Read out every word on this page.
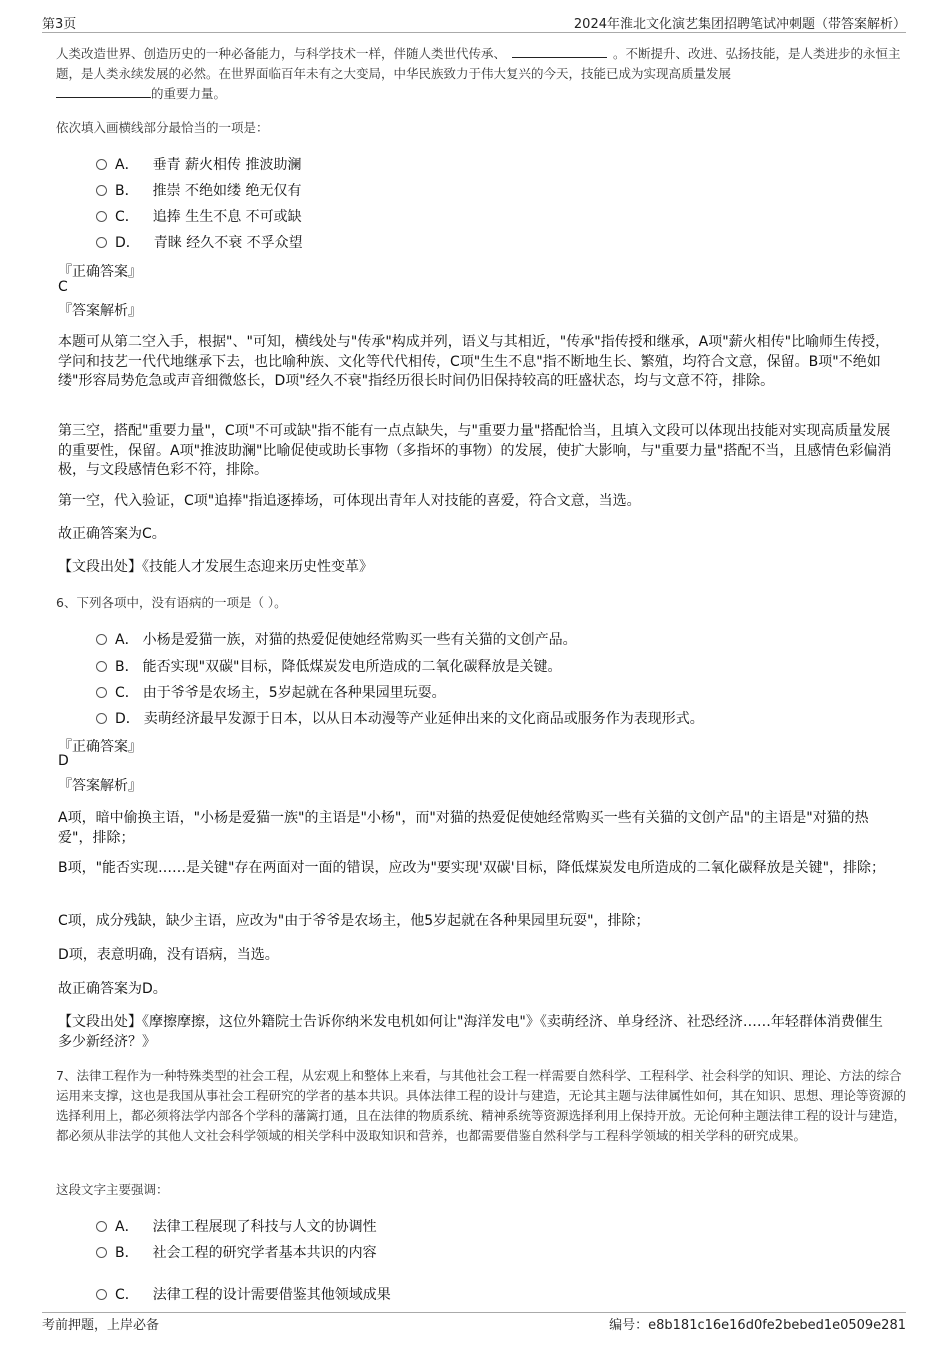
第3页	2024年淮北文化演艺集团招聘笔试冲刺题（带答案解析）
人类改造世界、创造历史的一种必备能力，与科学技术一样，伴随人类世代传承、	。不断提升、改进、弘扬技能，是人类进步的永恒主题，是人类永续发展的必然。在世界面临百年未有之大变局，中华民族致力于伟大复兴的今天，技能已成为实现高质量发展
的重要力量。
依次填入画横线部分最恰当的一项是：
A． 垂青 薪火相传 推波助澜
B． 推崇 不绝如缕 绝无仅有
C． 追捧 生生不息 不可或缺
D． 青睐 经久不衰 不孚众望
『正确答案』
C
『答案解析』
本题可从第二空入手，根据"、"可知，横线处与"传承"构成并列，语义与其相近，"传承"指传授和继承，A项"薪火相传"比喻师生传授，学问和技艺一代代地继承下去，也比喻种族、文化等代代相传，C项"生生不息"指不断地生长、繁殖，均符合文意，保留。B项"不绝如缕"形容局势危急或声音细微悠长，D项"经久不衰"指经历很长时间仍旧保持较高的旺盛状态，均与文意不符，排除。
第三空，搭配"重要力量"，C项"不可或缺"指不能有一点点缺失，与"重要力量"搭配恰当，且填入文段可以体现出技能对实现高质量发展的重要性，保留。A项"推波助澜"比喻促使或助长事物（多指坏的事物）的发展，使扩大影响，与"重要力量"搭配不当，且感情色彩偏消极，与文段感情色彩不符，排除。
第一空，代入验证，C项"追捧"指追逐捧场，可体现出青年人对技能的喜爱，符合文意，当选。
故正确答案为C。
【文段出处】《技能人才发展生态迎来历史性变革》
6、下列各项中，没有语病的一项是（ ）。
A． 小杨是爱猫一族，对猫的热爱促使她经常购买一些有关猫的文创产品。
B． 能否实现"双碳"目标，降低煤炭发电所造成的二氧化碳释放是关键。
C． 由于爷爷是农场主，5岁起就在各种果园里玩耍。
D． 卖萌经济最早发源于日本，以从日本动漫等产业延伸出来的文化商品或服务作为表现形式。
『正确答案』
D
『答案解析』
A项，暗中偷换主语，"小杨是爱猫一族"的主语是"小杨"，而"对猫的热爱促使她经常购买一些有关猫的文创产品"的主语是"对猫的热爱"，排除；
B项，"能否实现……是关键"存在两面对一面的错误，应改为"要实现'双碳'目标，降低煤炭发电所造成的二氧化碳释放是关键"，排除；
C项，成分残缺，缺少主语，应改为"由于爷爷是农场主，他5岁起就在各种果园里玩耍"，排除；
D项，表意明确，没有语病，当选。
故正确答案为D。
【文段出处】《摩擦摩擦，这位外籍院士告诉你纳米发电机如何让"海洋发电"》《卖萌经济、单身经济、社恐经济……年轻群体消费催生多少新经济？》
7、法律工程作为一种特殊类型的社会工程，从宏观上和整体上来看，与其他社会工程一样需要自然科学、工程科学、社会科学的知识、理论、方法的综合运用来支撑，这也是我国从事社会工程研究的学者的基本共识。具体法律工程的设计与建造，无论其主题与法律属性如何，其在知识、思想、理论等资源的选择利用上，都必须将法学内部各个学科的藩篱打通，且在法律的物质系统、精神系统等资源选择利用上保持开放。无论何种主题法律工程的设计与建造，都必须从非法学的其他人文社会科学领域的相关学科中汲取知识和营养，也都需要借鉴自然科学与工程科学领域的相关学科的研究成果。
这段文字主要强调：
A． 法律工程展现了科技与人文的协调性
B． 社会工程的研究学者基本共识的内容
C． 法律工程的设计需要借鉴其他领域成果
考前押题，上岸必备	编号：e8b181c16e16d0fe2bebed1e0509e281
